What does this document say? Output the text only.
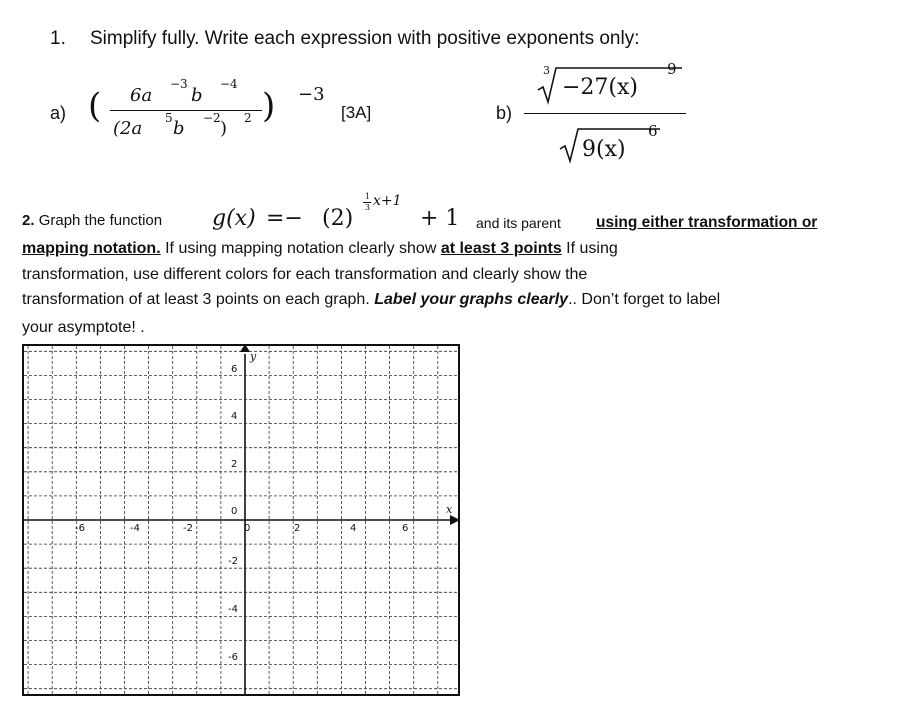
1. Simplify fully. Write each expression with positive exponents only:
a) ( 6a
−3
b
−4
(2a 5 b −2 ) 2 ) −3
[3A]	b)
3
−27(x)
9
9(x)
6
2. Graph the function g(x) =− (2)
1
3 x+1
+ 1 and its parent using either transformation or
mapping notation. If using mapping notation clearly show at least 3 points If using
transformation, use different colors for each transformation and clearly show the
transformation of at least 3 points on each graph. Label your graphs clearly.. Don’t forget to label
your asymptote! .
x
y
-6	-4	-2	0	2	4	6
6
4
2
0
-2
-4
-6
